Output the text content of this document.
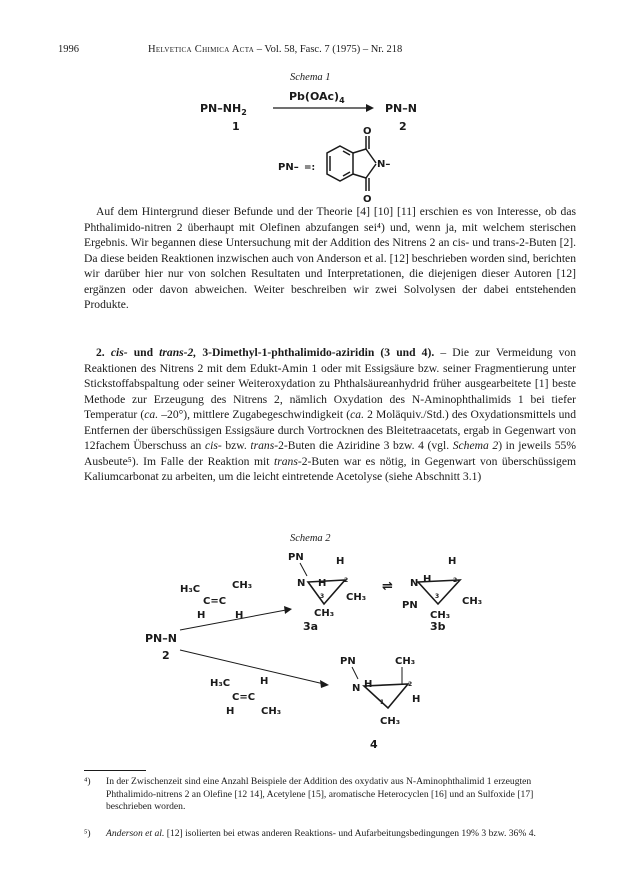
1996	Helvetica Chimica Acta – Vol. 58, Fasc. 7 (1975) – Nr. 218
Schema 1
$PN-NH_2$
$Pb(OAc)_4$
PN–N
1	2
PN– =:
O
O
N–
Auf dem Hintergrund dieser Befunde und der Theorie [4] [10] [11] erschien es von Interesse, ob das Phthalimido-nitren 2 überhaupt mit Olefinen abzufangen sei⁴) und, wenn ja, mit welchem sterischen Ergebnis. Wir begannen diese Untersuchung mit der Addition des Nitrens 2 an cis- und trans-2-Buten [2]. Da diese beiden Reaktionen inzwischen auch von Anderson et al. [12] beschrieben worden sind, berichten wir darüber hier nur von solchen Resultaten und Interpretationen, die diejenigen dieser Autoren [12] ergänzen oder davon abweichen. Weiter beschreiben wir zwei Solvolysen der dabei entstehenden Produkte.
2. cis- und trans-2, 3-Dimethyl-1-phthalimido-aziridin (3 und 4). – Die zur Vermeidung von Reaktionen des Nitrens 2 mit dem Edukt-Amin 1 oder mit Essigsäure bzw. seiner Fragmentierung unter Stickstoffabspaltung oder seiner Weiteroxydation zu Phthalsäureanhydrid früher ausgearbeitete [1] beste Methode zur Erzeugung des Nitrens 2, nämlich Oxydation des N-Aminophthalimids 1 bei tiefer Temperatur (ca. –20°), mittlere Zugabegeschwindigkeit (ca. 2 Moläquiv./Std.) des Oxydationsmittels und Entfernen der überschüssigen Essigsäure durch Vortrocknen des Bleitetraacetats, ergab in Gegenwart von 12fachem Überschuss an cis- bzw. trans-2-Buten die Aziridine 3 bzw. 4 (vgl. Schema 2) in jeweils 55% Ausbeute⁵). Im Falle der Reaktion mit trans-2-Buten war es nötig, in Gegenwart von überschüssigem Kaliumcarbonat zu arbeiten, um die leicht eintretende Acetolyse (siehe Abschnitt 3.1)
Schema 2
H₃C	CH₃
C=C
H	H
H₃C	H
C=C
H	CH₃
PN–N
2
PN
N
H
H
CH₃
CH₃
2
3
3a
⇌
H
N H
CH₃
PN
CH₃
2
3
3b
PN
N H
CH₃
H
CH₃
2
1
4
⁴) In der Zwischenzeit sind eine Anzahl Beispiele der Addition des oxydativ aus N-Aminophthalimid 1 erzeugten Phthalimido-nitrens 2 an Olefine [12 14], Acetylene [15], aromatische Heterocyclen [16] und an Sulfoxide [17] beschrieben worden.
⁵) Anderson et al. [12] isolierten bei etwas anderen Reaktions- und Aufarbeitungsbedingungen 19% 3 bzw. 36% 4.
